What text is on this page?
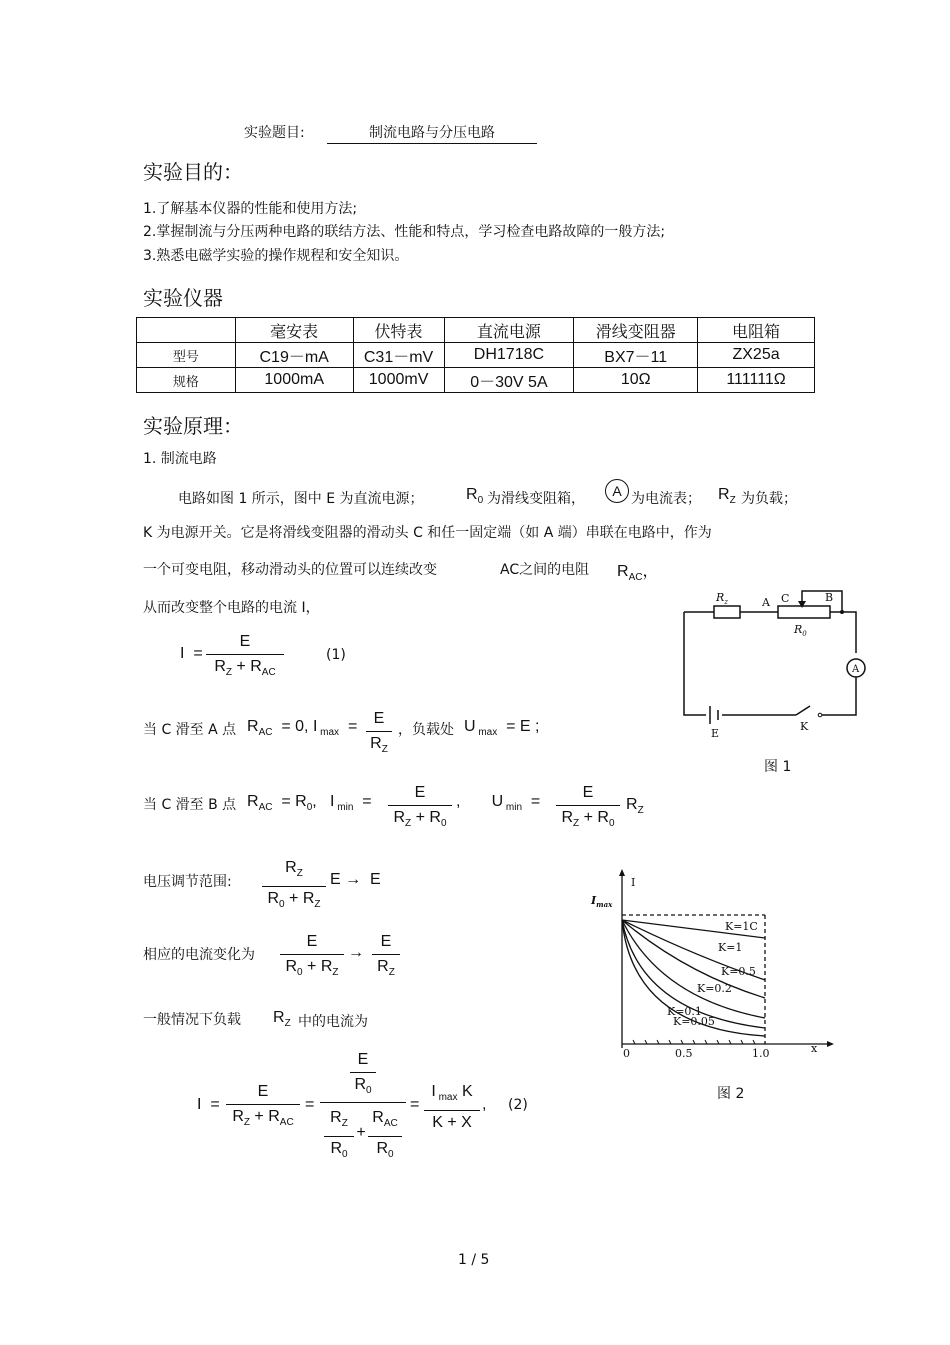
实验题目:	制流电路与分压电路
实验目的：
1.了解基本仪器的性能和使用方法;
2.掌握制流与分压两种电路的联结方法、性能和特点，学习检查电路故障的一般方法;
3.熟悉电磁学实验的操作规程和安全知识。
实验仪器
	毫安表	伏特表	直流电源	滑线变阻器	电阻箱
型号	C19－mA	C31－mV	DH1718C	BX7－11	ZX25a
规格	1000mA	1000mV	0－30V 5A	10Ω	111111Ω
实验原理：
1. 制流电路
电路如图 1 所示，图中 E 为直流电源；	$R_0$ 为滑线变阻箱，	A 为电流表； $R_Z$ 为负载；
K 为电源开关。它是将滑线变阻器的滑动头 C 和任一固定端（如 A 端）串联在电路中，作为
一个可变电阻，移动滑动头的位置可以连续改变	AC之间的电阻 $R_{AC}$，
从而改变整个电路的电流 I，
I  =
E
$R_Z + R_{AC}$
(1)
当 C 滑至 A 点 $R_{AC} = 0$, I $_{max}$  =	E
$R_Z$
，负载处 U $_{max}$  = E ;
当 C 滑至 B 点 $R_{AC} = R_0$,   I $_{min}$  =
E
$R_Z + R_0$
,       U $_{min}$  =
E
$R_Z + R_0$
$R_Z$
电压调节范围:
$R_Z$
$R_0 + R_Z$
E →  E
相应的电流变化为
E
$R_0 + R_Z$
→
E
$R_Z$
一般情况下负载 $R_Z$ 中的电流为
I  =
E
$R_Z + R_{AC}$
=
E
$R_0$
$R_Z$
$R_0$
+
$R_{AC}$
$R_0$
=
I $_{max}$ K
K + X
, (2)
$R_z$	A C	B
$R_0$
A
E
K
图 1
I
$I_{max}$
x
0	0.5	1.0
K=1C
K=1
K=0.5
K=0.2
K=0.1
K=0.05
图 2
1 / 5
